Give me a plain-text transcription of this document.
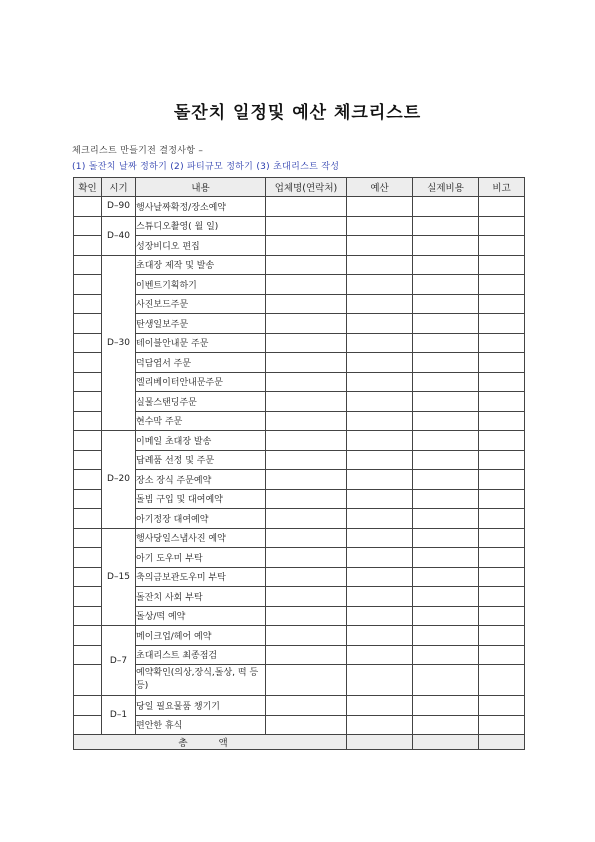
돌잔치 일정및 예산 체크리스트
체크리스트 만들기전 결정사항 –
(1) 돌잔치 날짜 정하기 (2) 파티규모 정하기 (3) 초대리스트 작성
확인	시기	내용	업체명(연락처)	예산	실제비용	비고
	D–90	행사날짜확정/장소예약				
	D–40	스튜디오촬영( 월 일)				
		성장비디오 편집				
	D–30	초대장 제작 및 발송				
		이벤트기획하기				
		사진보드주문				
		탄생일보주문				
		테이블안내문 주문				
		덕담엽서 주문				
		엘리베이터안내문주문				
		실물스탠딩주문				
		현수막 주문				
	D–20	이메일 초대장 발송				
		답례품 선정 및 주문				
		장소 장식 주문예약				
		돌빔 구입 및 대여예약				
		아기정장 대여예약				
	D–15	행사당일스냅사진 예약				
		아기 도우미 부탁				
		축의금보관도우미 부탁				
		돌잔치 사회 부탁				
		돌상/떡 예약				
	D–7	메이크업/헤어 예약				
		초대리스트 최종점검				
		예약확인(의상,장식,돌상, 떡 등등)				
	D–1	당일 필요물품 챙기기				
		편안한 휴식				
총 액						
